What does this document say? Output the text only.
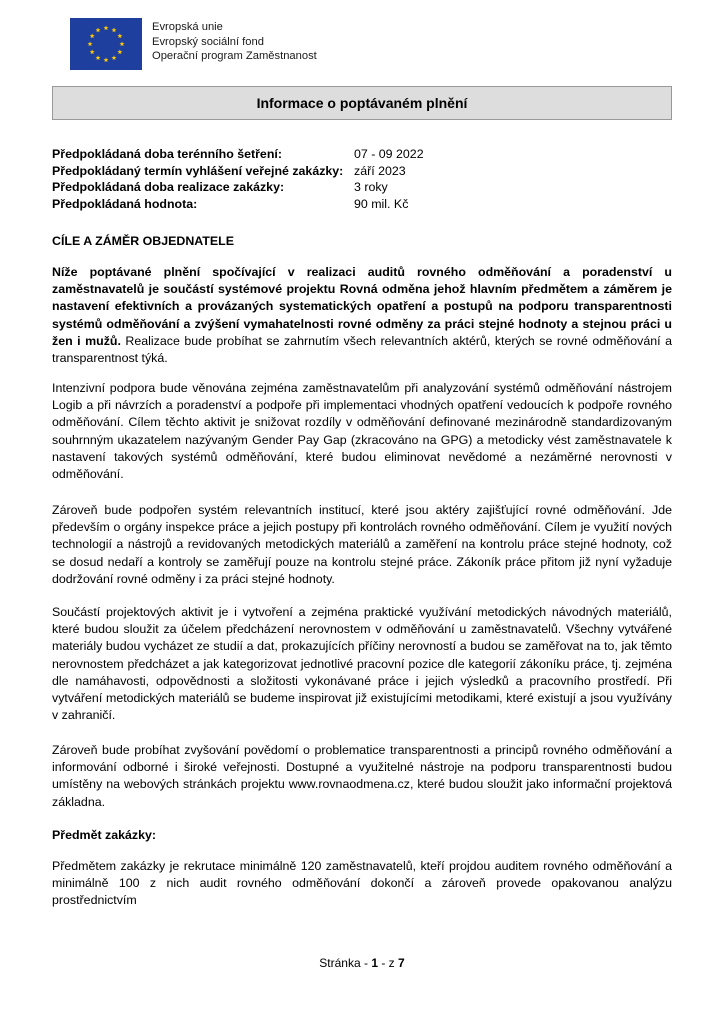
Evropská unie
Evropský sociální fond
Operační program Zaměstnanost
Informace o poptávaném plnění
Předpokládaná doba terénního šetření:	07 - 09 2022
Předpokládaný termín vyhlášení veřejné zakázky: září 2023
Předpokládaná doba realizace zakázky:	3 roky
Předpokládaná hodnota:	90 mil. Kč
CÍLE A ZÁMĚR OBJEDNATELE
Níže poptávané plnění spočívající v realizaci auditů rovného odměňování a poradenství u zaměstnavatelů je součástí systémové projektu Rovná odměna jehož hlavním předmětem a záměrem je nastavení efektivních a provázaných systematických opatření a postupů na podporu transparentnosti systémů odměňování a zvýšení vymahatelnosti rovné odměny za práci stejné hodnoty a stejnou práci u žen i mužů. Realizace bude probíhat se zahrnutím všech relevantních aktérů, kterých se rovné odměňování a transparentnost týká.
Intenzivní podpora bude věnována zejména zaměstnavatelům při analyzování systémů odměňování nástrojem Logib a při návrzích a poradenství a podpoře při implementaci vhodných opatření vedoucích k podpoře rovného odměňování. Cílem těchto aktivit je snižovat rozdíly v odměňování definované mezinárodně standardizovaným souhrnným ukazatelem nazývaným Gender Pay Gap (zkracováno na GPG) a metodicky vést zaměstnavatele k nastavení takových systémů odměňování, které budou eliminovat nevědomé a nezáměrné nerovnosti v odměňování.
Zároveň bude podpořen systém relevantních institucí, které jsou aktéry zajišťující rovné odměňování. Jde především o orgány inspekce práce a jejich postupy při kontrolách rovného odměňování. Cílem je využití nových technologií a nástrojů a revidovaných metodických materiálů a zaměření na kontrolu práce stejné hodnoty, což se dosud nedaří a kontroly se zaměřují pouze na kontrolu stejné práce. Zákoník práce přitom již nyní vyžaduje dodržování rovné odměny i za práci stejné hodnoty.
Součástí projektových aktivit je i vytvoření a zejména praktické využívání metodických návodných materiálů, které budou sloužit za účelem předcházení nerovnostem v odměňování u zaměstnavatelů. Všechny vytvářené materiály budou vycházet ze studií a dat, prokazujících příčiny nerovností a budou se zaměřovat na to, jak těmto nerovnostem předcházet a jak kategorizovat jednotlivé pracovní pozice dle kategorií zákoníku práce, tj. zejména dle namáhavosti, odpovědnosti a složitosti vykonávané práce i jejich výsledků a pracovního prostředí. Při vytváření metodických materiálů se budeme inspirovat již existujícími metodikami, které existují a jsou využívány v zahraničí.
Zároveň bude probíhat zvyšování povědomí o problematice transparentnosti a principů rovného odměňování a informování odborné i široké veřejnosti. Dostupné a využitelné nástroje na podporu transparentnosti budou umístěny na webových stránkách projektu www.rovnaodmena.cz, které budou sloužit jako informační projektová základna.
Předmět zakázky:
Předmětem zakázky je rekrutace minimálně 120 zaměstnavatelů, kteří projdou auditem rovného odměňování a minimálně 100 z nich audit rovného odměňování dokončí a zároveň provede opakovanou analýzu prostřednictvím
Stránka - 1 - z 7
